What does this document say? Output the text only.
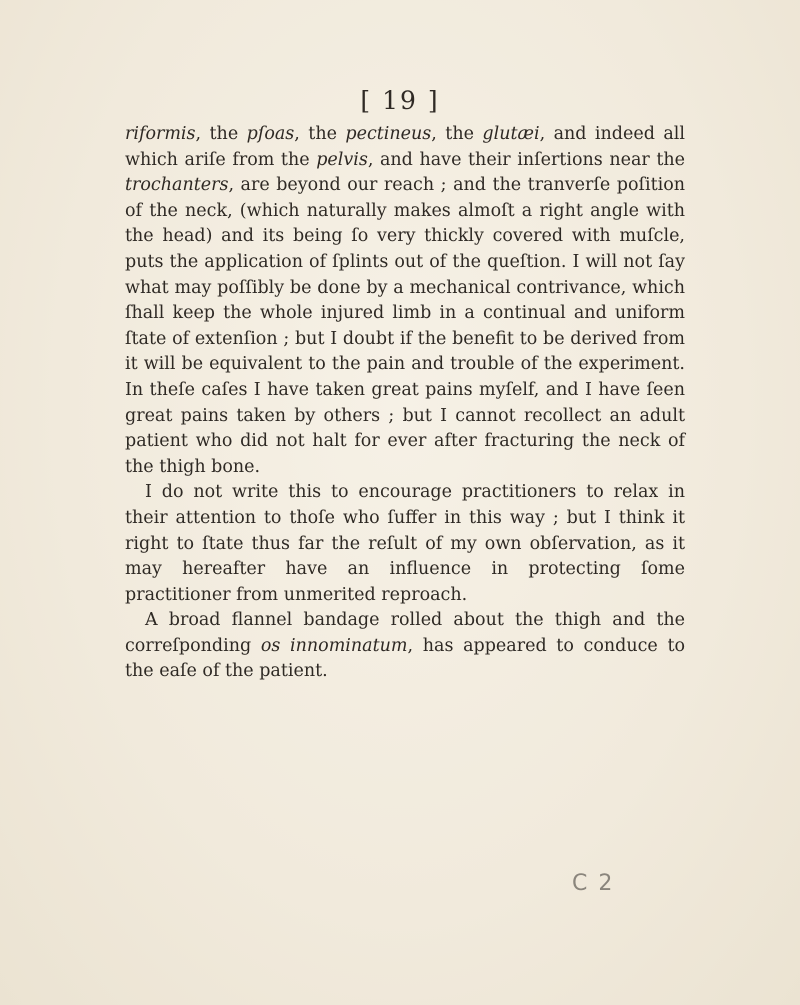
[ 19 ]

riformis, the pſoas, the pectineus, the glutæi, and indeed all which ariſe from the pelvis, and have their inſertions near the trochanters, are beyond our reach ; and the tranverſe poſition of the neck, (which naturally makes almoſt a right angle with the head) and its being ſo very thickly covered with muſcle, puts the application of ſplints out of the queſtion. I will not ſay what may poſſibly be done by a mechanical contrivance, which ſhall keep the whole injured limb in a continual and uniform ſtate of extenſion ; but I doubt if the benefit to be derived from it will be equivalent to the pain and trouble of the experiment. In theſe caſes I have taken great pains myſelf, and I have ſeen great pains taken by others ; but I cannot recollect an adult patient who did not halt for ever after fracturing the neck of the thigh bone.

I do not write this to encourage practitioners to relax in their attention to thoſe who ſuffer in this way ; but I think it right to ſtate thus far the reſult of my own obſervation, as it may hereafter have an influence in protecting ſome practitioner from unmerited reproach.

A broad flannel bandage rolled about the thigh and the correſponding os innominatum, has appeared to conduce to the eaſe of the patient.

C 2
